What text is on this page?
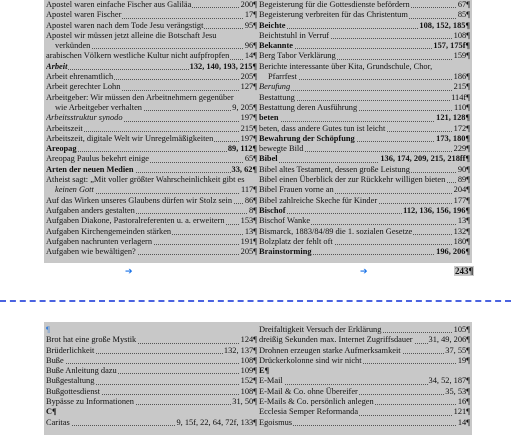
Apostel waren einfache Fischer aus Galiläa	200¶
Apostel waren Fischer	17¶
Apostel waren nach dem Tode Jesu verängstigt	95¶
Apostel wir müssen jetzt alleine die Botschaft Jesu
verkünden	96¶
arabischen Völkern westliche Kultur nicht aufpfropfen 14¶
Arbeit	132, 140, 193, 215¶
Arbeit ehrenamtlich	205¶
Arbeit gerechter Lohn	127¶
Arbeitgeber: Wir müssen den Arbeitnehmern gegenüber
wie Arbeitgeber verhalten	9, 205¶
Arbeitsstruktur synodo	197¶
Arbeitszeit	215¶
Arbeitszeit, digitale Welt wir Unregelmäßigkeiten	197¶
Areopag	89, 112¶
Areopag Paulus bekehrt einige	65¶
Arten der neuen Medien	33, 62¶
Atheist sagt: „Mit voller größter Wahrscheinlichkeit gibt es
keinen Gott	117¶
Auf das Wirken unseres Glaubens dürfen wir Stolz sein 86¶
Aufgaben anders gestalten	8¶
Aufgaben Diakone, Pastoralreferenten u. a. erweitern 153¶
Aufgaben Kirchengemeinden stärken	13¶
Aufgaben nachrunten verlagern	191¶
Aufgaben wie bewältigen?	205¶
Begeisterung für die Gottesdienste befördern	67¶
Begeisterung verbreiten für das Christentum	85¶
Beichte	108, 152, 185¶
Beichtstuhl in Verruf	108¶
Bekannte	157, 175f¶
Berg Tabor Verklärung	159¶
Berichte interessante über Kita, Grundschule, Chor,
Pfarrfest	186¶
Berufung	215¶
Bestattung	114f¶
Bestattung deren Ausführung	110¶
beten	121, 128¶
beten, dass andere Gutes tun ist leicht	172¶
Bewahrung der Schöpfung	173, 180¶
bewegte Bild	229¶
Bibel	136, 174, 209, 215, 218ff¶
Bibel altes Testament, dessen große Leistung	90¶
Bibel einen Überblick der zur Rückkehr willigen bieten 89¶
Bibel Frauen vorne an	204¶
Bibel zahlreiche Skeche für Kinder	177¶
Bischof	112, 136, 156, 196¶
Bischof Wanke	13¶
Bismarck, 1883/84/89 die 1. sozialen Gesetze	132¶
Bolzplatz der fehlt oft	180¶
Brainstorming	196, 206¶
➔	➔	243¶
¶
Brot hat eine große Mystik	124¶
Brüderlichkeit	132, 137¶
Buße	108¶
Buße Anleitung dazu	109¶
Bußgestaltung	152¶
Bußgottesdienst	108¶
Bypässe zu Informationen	31, 50¶
C¶
Caritas	9, 15f, 22, 64, 72f, 133¶
Dreifaltigkeit Versuch der Erklärung	105¶
dreißig Sekunden max. Internet Zugriffsdauer 31, 49, 206¶
Drohnen erzeugen starke Aufmerksamkeit	37, 55¶
Drückerkolonne sind wir nicht	19¶
E¶
E-Mail	34, 52, 187¶
E-Mail & Co. ohne Übereifer	35, 53¶
E-Mails & Co. persönlich anlegen	16¶
Ecclesia Semper Reformanda	121¶
Egoismus	14¶
